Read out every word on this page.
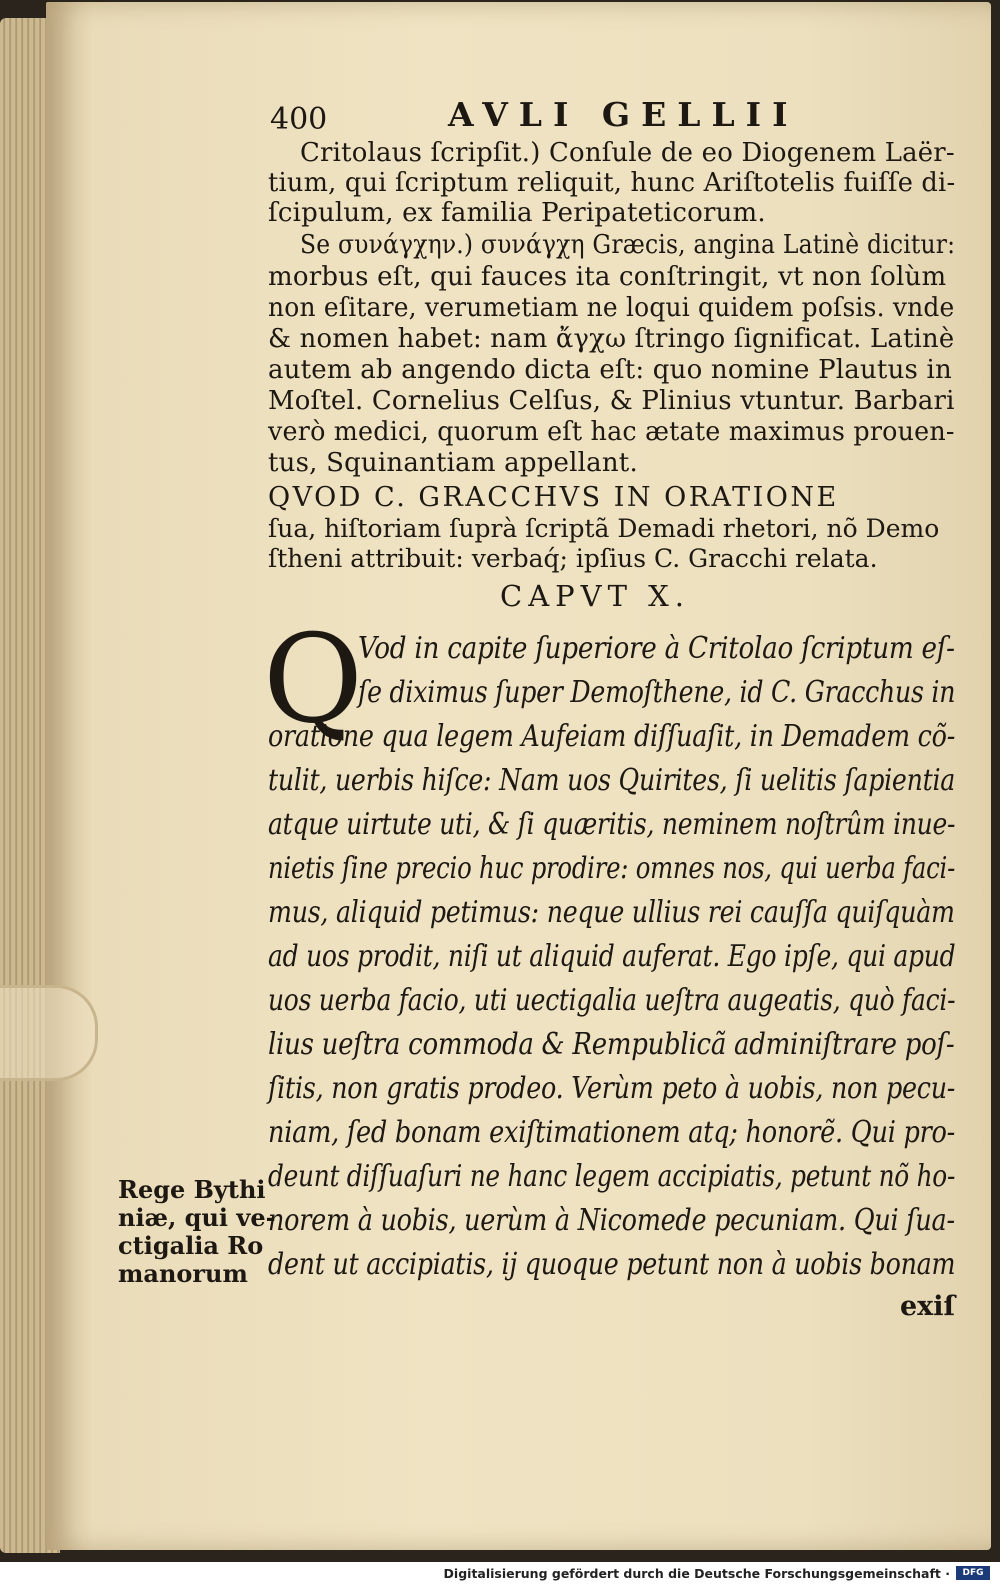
400	AVLI GELLII
Critolaus ſcripſit.) Conſule de eo Diogenem Laër-
tium, qui ſcriptum reliquit, hunc Ariſtotelis fuiſſe di-
ſcipulum, ex familia Peripateticorum.
Se συνάγχην.) συνάγχη Græcis, angina Latinè dicitur:
morbus eſt, qui fauces ita conſtringit, vt non ſolùm
non eſitare, verumetiam ne loqui quidem poſsis. vnde
& nomen habet: nam ἄγχω ſtringo ſignificat. Latinè
autem ab angendo dicta eſt: quo nomine Plautus in
Moſtel. Cornelius Celſus, & Plinius vtuntur. Barbari
verò medici, quorum eſt hac ætate maximus prouen-
tus, Squinantiam appellant.
QVOD C. GRACCHVS IN ORATIONE
ſua, hiſtoriam ſuprà ſcriptã Demadi rhetori, nõ Demo
ſtheni attribuit: verbaq́; ipſius C. Gracchi relata.
CAPVT X.
Q
Vod in capite ſuperiore à Critolao ſcriptum eſ-
ſe diximus ſuper Demoſthene, id C. Gracchus in
oratione qua legem Aufeiam diſſuaſit, in Demadem cõ-
tulit, uerbis hiſce: Nam uos Quirites, ſi uelitis ſapientia
atque uirtute uti, & ſi quæritis, neminem noſtrûm inue-
nietis ſine precio huc prodire: omnes nos, qui uerba faci-
mus, aliquid petimus: neque ullius rei cauſſa quiſquàm
ad uos prodit, niſi ut aliquid auferat. Ego ipſe, qui apud
uos uerba facio, uti uectigalia ueſtra augeatis, quò faci-
lius ueſtra commoda & Rempublicã adminiſtrare poſ-
ſitis, non gratis prodeo. Verùm peto à uobis, non pecu-
niam, ſed bonam exiſtimationem atq; honorẽ. Qui pro-
deunt diſſuaſuri ne hanc legem accipiatis, petunt nõ ho-
norem à uobis, uerùm à Nicomede pecuniam. Qui ſua-
dent ut accipiatis, ij quoque petunt non à uobis bonam
Rege Bythi
niæ, qui ve-
ctigalia Ro
manorum
exiſ
Digitalisierung gefördert durch die Deutsche Forschungsgemeinschaft ·	DFG
